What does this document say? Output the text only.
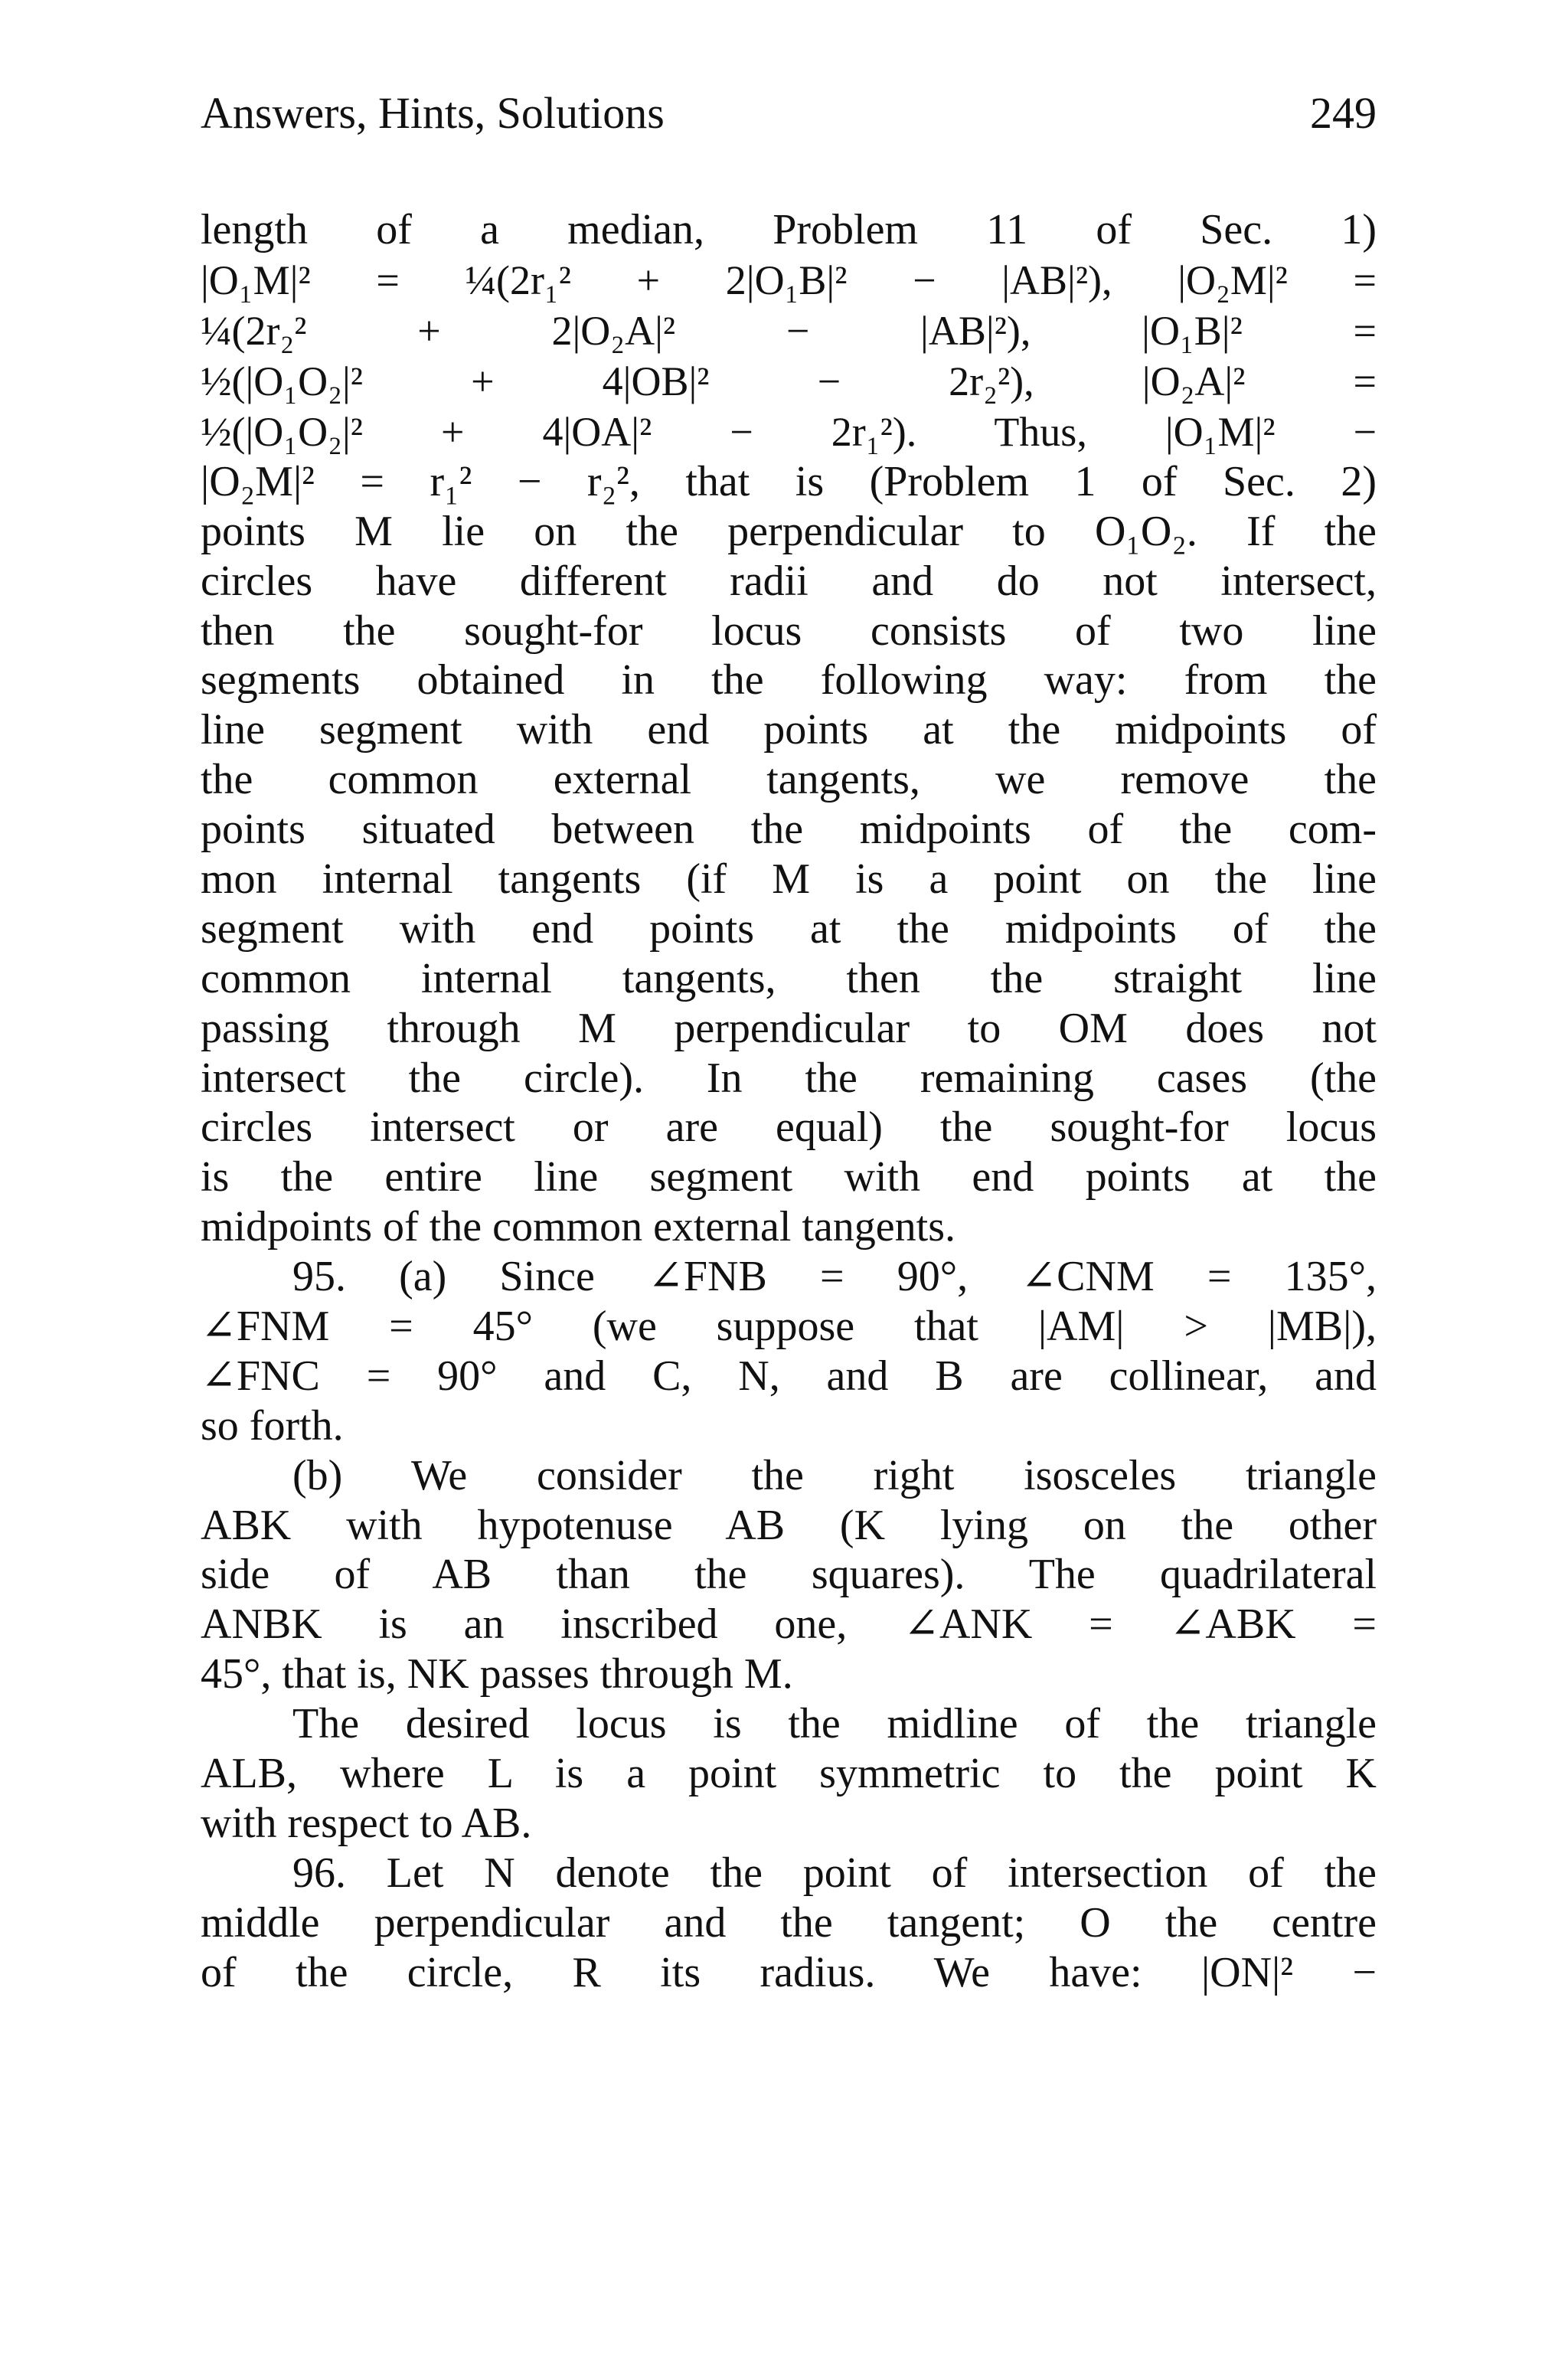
Answers, Hints, Solutions	249
length of a median, Problem 11 of Sec. 1)
|O₁M|² = ¼(2r₁² + 2|O₁B|² − |AB|²), |O₂M|² =
¼(2r₂² + 2|O₂A|² − |AB|²), |O₁B|² =
½(|O₁O₂|² + 4|OB|² − 2r₂²), |O₂A|² =
½(|O₁O₂|² + 4|OA|² − 2r₁²). Thus, |O₁M|² −
|O₂M|² = r₁² − r₂², that is (Problem 1 of Sec. 2)
points M lie on the perpendicular to O₁O₂. If the
circles have different radii and do not intersect,
then the sought-for locus consists of two line
segments obtained in the following way: from the
line segment with end points at the midpoints of
the common external tangents, we remove the
points situated between the midpoints of the com-
mon internal tangents (if M is a point on the line
segment with end points at the midpoints of the
common internal tangents, then the straight line
passing through M perpendicular to OM does not
intersect the circle). In the remaining cases (the
circles intersect or are equal) the sought-for locus
is the entire line segment with end points at the
midpoints of the common external tangents.
95. (a) Since ∠FNB = 90°, ∠CNM = 135°,
∠FNM = 45° (we suppose that |AM| > |MB|),
∠FNC = 90° and C, N, and B are collinear, and
so forth.
(b) We consider the right isosceles triangle
ABK with hypotenuse AB (K lying on the other
side of AB than the squares). The quadrilateral
ANBK is an inscribed one, ∠ANK = ∠ABK =
45°, that is, NK passes through M.
The desired locus is the midline of the triangle
ALB, where L is a point symmetric to the point K
with respect to AB.
96. Let N denote the point of intersection of the
middle perpendicular and the tangent; O the centre
of the circle, R its radius. We have: |ON|² −
